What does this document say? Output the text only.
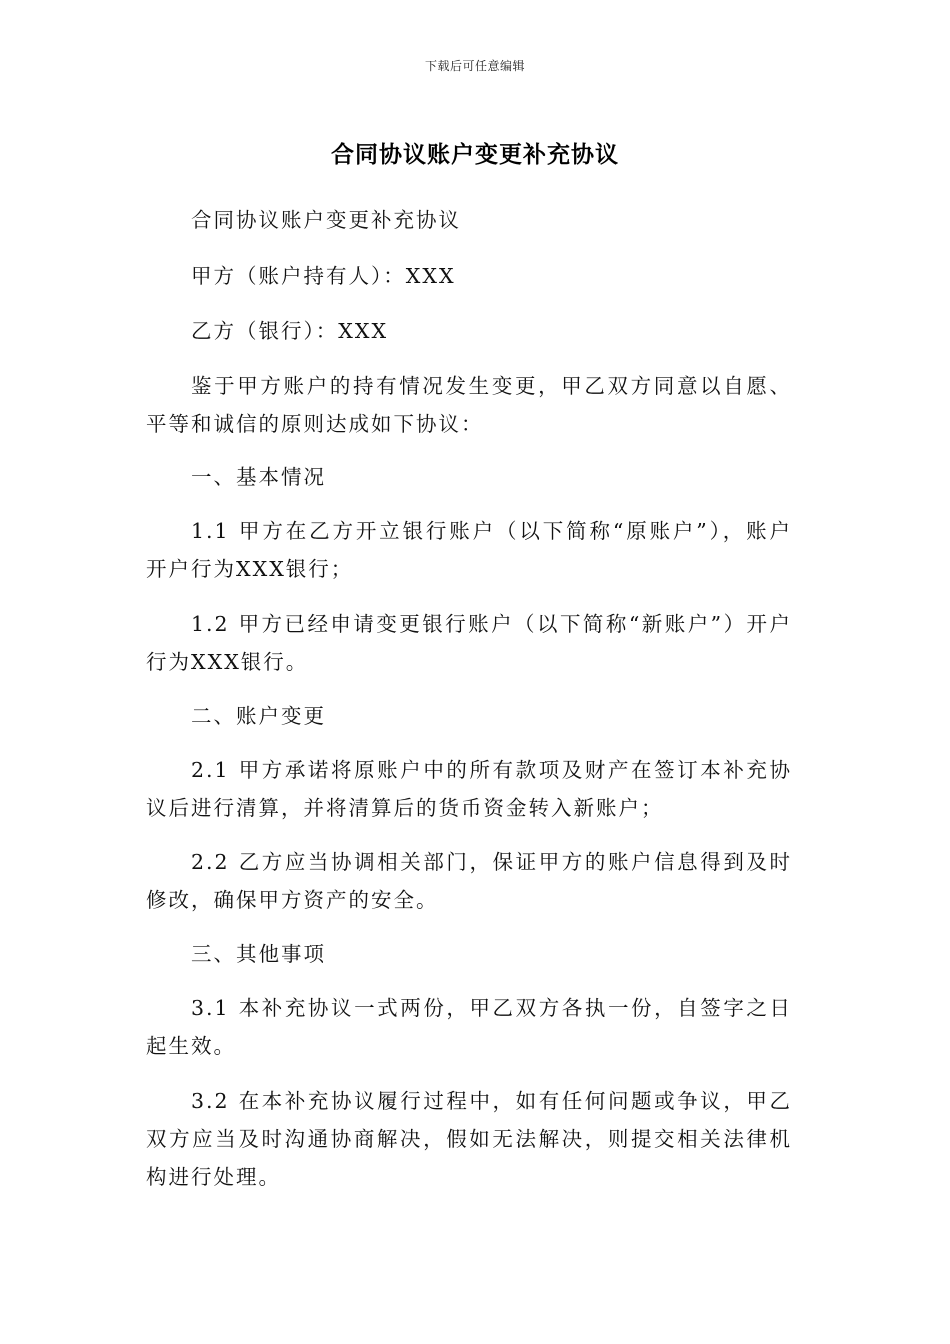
下载后可任意编辑
合同协议账户变更补充协议

合同协议账户变更补充协议

甲方（账户持有人）：XXX

乙方（银行）：XXX

鉴于甲方账户的持有情况发生变更，甲乙双方同意以自愿、平等和诚信的原则达成如下协议：

一、基本情况

1.1 甲方在乙方开立银行账户（以下简称“原账户”），账户开户行为XXX银行；

1.2 甲方已经申请变更银行账户（以下简称“新账户”）开户行为XXX银行。

二、账户变更

2.1 甲方承诺将原账户中的所有款项及财产在签订本补充协议后进行清算，并将清算后的货币资金转入新账户；

2.2 乙方应当协调相关部门，保证甲方的账户信息得到及时修改，确保甲方资产的安全。

三、其他事项

3.1 本补充协议一式两份，甲乙双方各执一份，自签字之日起生效。

3.2 在本补充协议履行过程中，如有任何问题或争议，甲乙双方应当及时沟通协商解决，假如无法解决，则提交相关法律机构进行处理。
